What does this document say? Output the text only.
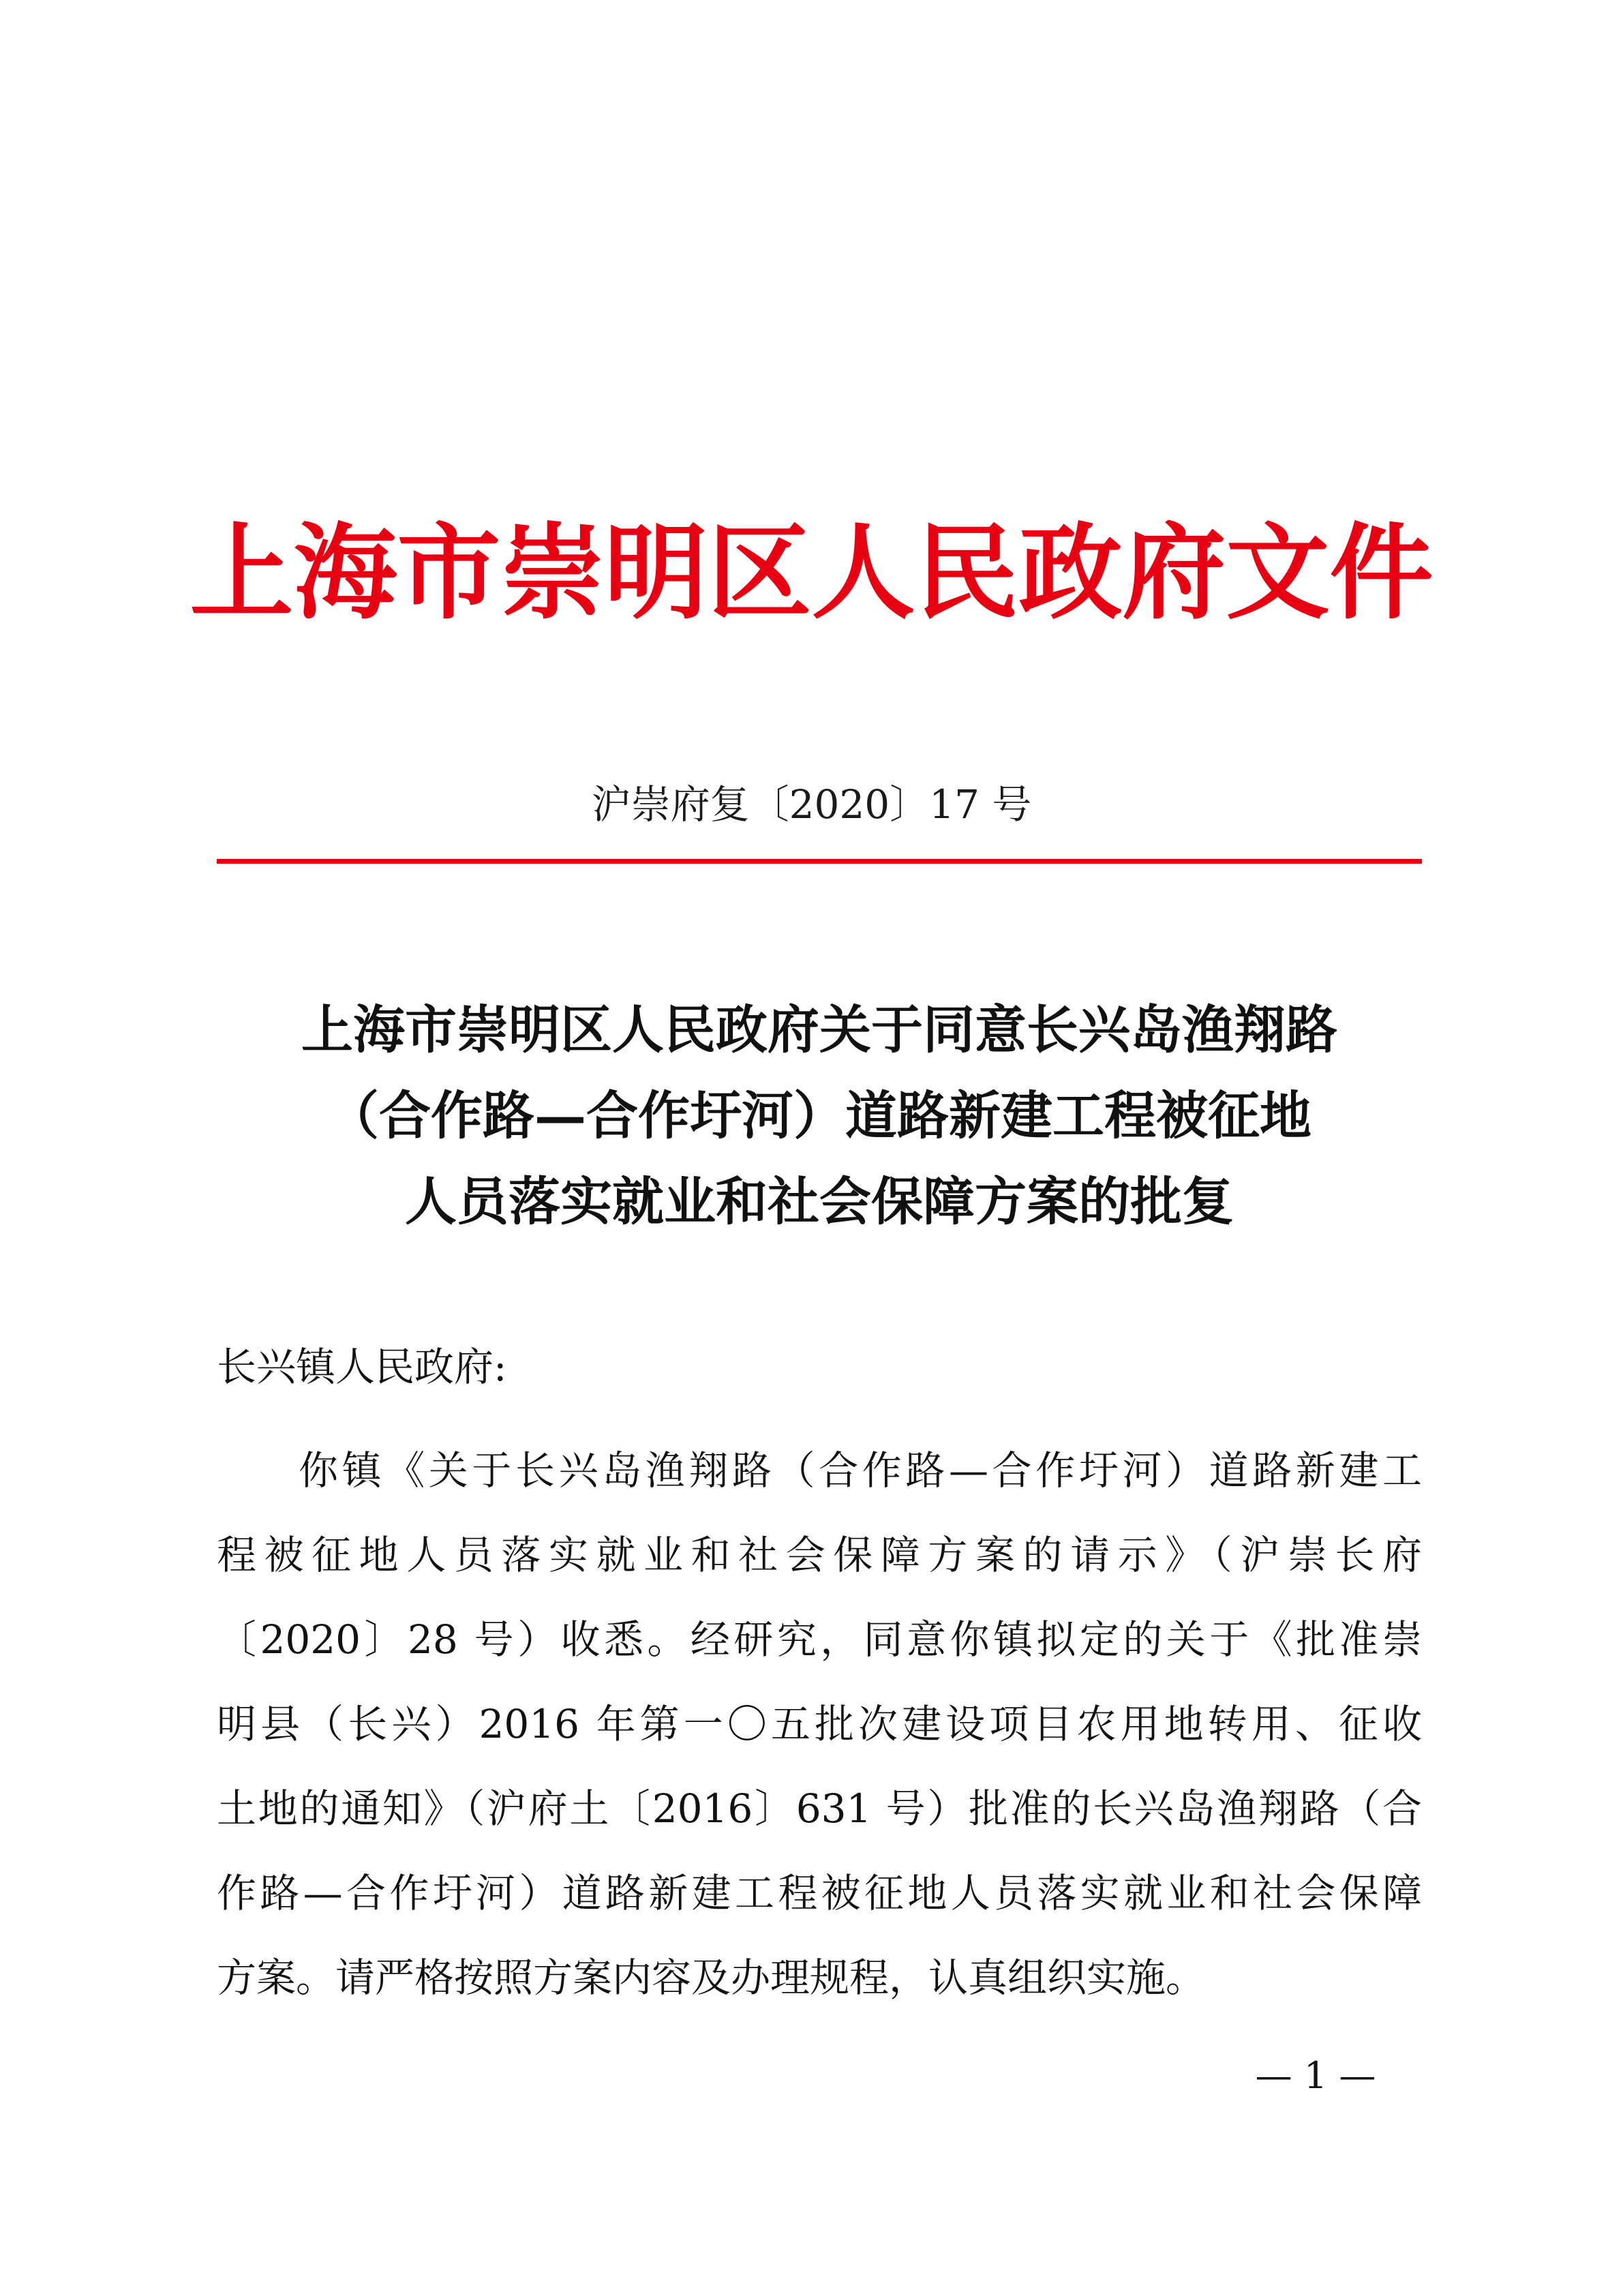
上海市崇明区人民政府文件
沪崇府复〔2020〕17 号
上海市崇明区人民政府关于同意长兴岛渔翔路
（合作路—合作圩河）道路新建工程被征地
人员落实就业和社会保障方案的批复
长兴镇人民政府:
你镇《关于长兴岛渔翔路（合作路—合作圩河）道路新建工
程被征地人员落实就业和社会保障方案的请示》（沪崇长府
〔2020〕28 号）收悉。经研究，同意你镇拟定的关于《批准崇
明县（长兴）2016 年第一〇五批次建设项目农用地转用、征收
土地的通知》（沪府土〔2016〕631 号）批准的长兴岛渔翔路（合
作路—合作圩河）道路新建工程被征地人员落实就业和社会保障
方案。请严格按照方案内容及办理规程，认真组织实施。
— 1 —
